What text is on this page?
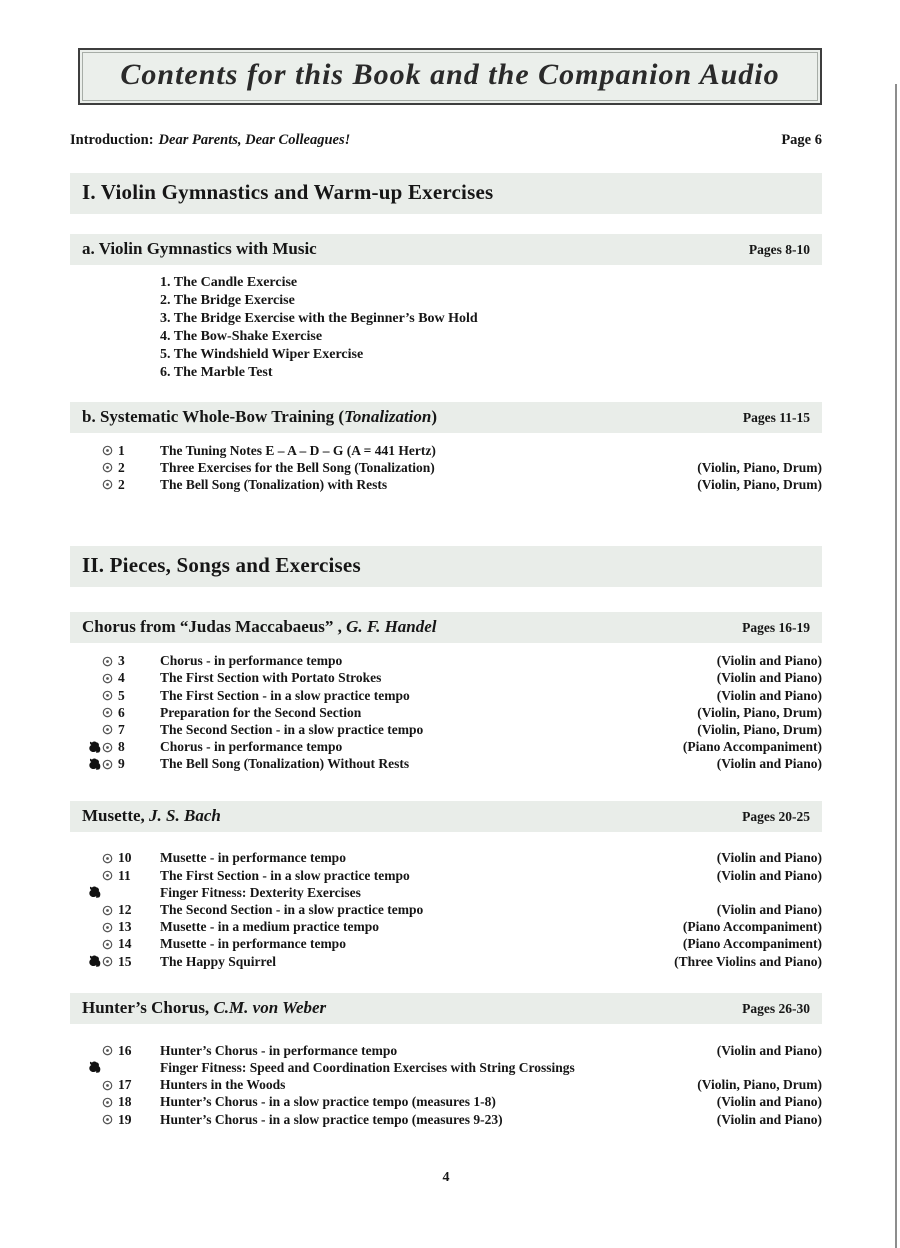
Contents for this Book and the Companion Audio
Introduction: Dear Parents, Dear Colleagues!	Page 6
I. Violin Gymnastics and Warm-up Exercises
a. Violin Gymnastics with Music	Pages 8-10
1. The Candle Exercise
2. The Bridge Exercise
3. The Bridge Exercise with the Beginner’s Bow Hold
4. The Bow-Shake Exercise
5. The Windshield Wiper Exercise
6. The Marble Test
b. Systematic Whole-Bow Training (Tonalization)	Pages 11-15
1	The Tuning Notes E – A – D – G (A = 441 Hertz)
2	Three Exercises for the Bell Song (Tonalization)	(Violin, Piano, Drum)
2	The Bell Song (Tonalization) with Rests	(Violin, Piano, Drum)
II. Pieces, Songs and Exercises
Chorus from “Judas Maccabaeus” , G. F. Handel	Pages 16-19
3	Chorus - in performance tempo	(Violin and Piano)
4	The First Section with Portato Strokes	(Violin and Piano)
5	The First Section - in a slow practice tempo	(Violin and Piano)
6	Preparation for the Second Section	(Violin, Piano, Drum)
7	The Second Section - in a slow practice tempo	(Violin, Piano, Drum)
8	Chorus - in performance tempo	(Piano Accompaniment)
9	The Bell Song (Tonalization) Without Rests	(Violin and Piano)
Musette, J. S. Bach	Pages 20-25
10	Musette - in performance tempo	(Violin and Piano)
11	The First Section - in a slow practice tempo	(Violin and Piano)
Finger Fitness: Dexterity Exercises
12	The Second Section - in a slow practice tempo	(Violin and Piano)
13	Musette - in a medium practice tempo	(Piano Accompaniment)
14	Musette - in performance tempo	(Piano Accompaniment)
15	The Happy Squirrel	(Three Violins and Piano)
Hunter’s Chorus, C.M. von Weber	Pages 26-30
16	Hunter’s Chorus - in performance tempo	(Violin and Piano)
Finger Fitness: Speed and Coordination Exercises with String Crossings
17	Hunters in the Woods	(Violin, Piano, Drum)
18	Hunter’s Chorus - in a slow practice tempo (measures 1-8)	(Violin and Piano)
19	Hunter’s Chorus - in a slow practice tempo (measures 9-23)	(Violin and Piano)
4
